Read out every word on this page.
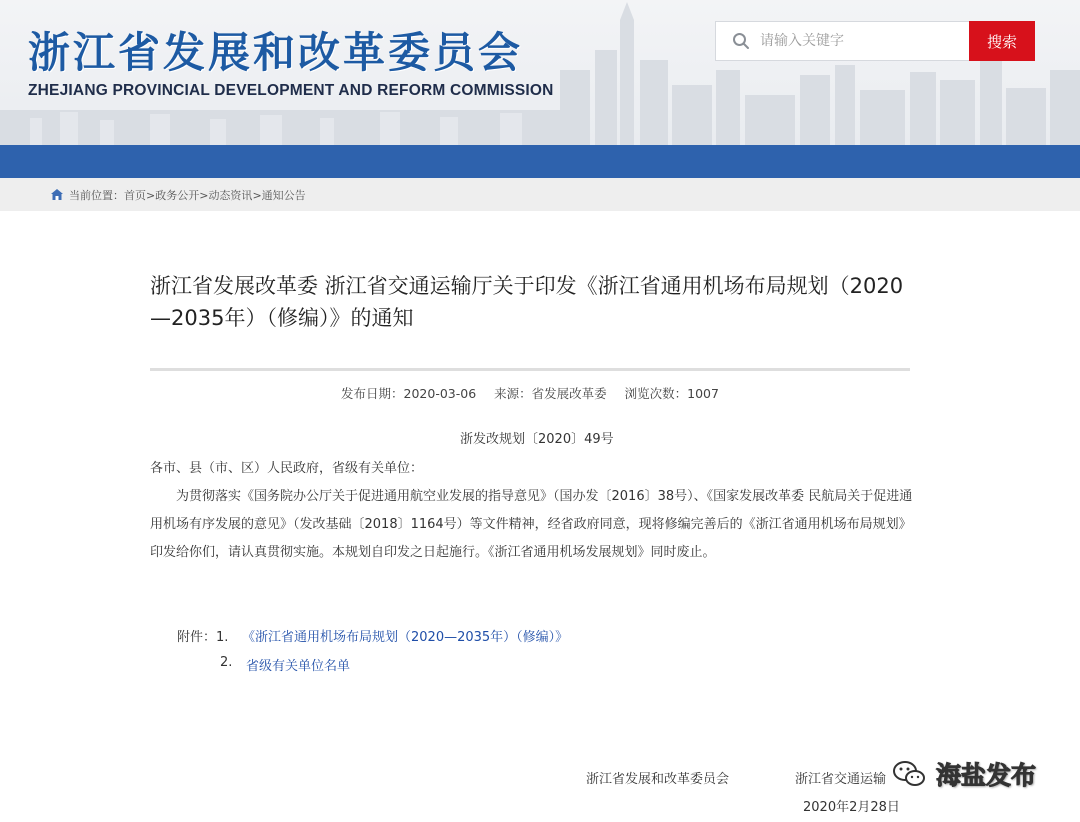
浙江省发展和改革委员会
ZHEJIANG PROVINCIAL DEVELOPMENT AND REFORM COMMISSION
请输入关键字
搜索
当前位置：首页>政务公开>动态资讯>通知公告
浙江省发展改革委 浙江省交通运输厅关于印发《浙江省通用机场布局规划（2020—2035年）（修编）》的通知
发布日期：2020-03-06 来源：省发展改革委 浏览次数：1007
浙发改规划〔2020〕49号
各市、县（市、区）人民政府，省级有关单位：
为贯彻落实《国务院办公厅关于促进通用航空业发展的指导意见》（国办发〔2016〕38号）、《国家发展改革委 民航局关于促进通用机场有序发展的意见》（发改基础〔2018〕1164号）等文件精神，经省政府同意，现将修编完善后的《浙江省通用机场布局规划》印发给你们，请认真贯彻实施。本规划自印发之日起施行。《浙江省通用机场发展规划》同时废止。
附件：1. 《浙江省通用机场布局规划（2020—2035年）（修编）》
2. 省级有关单位名单
浙江省发展和改革委员会	浙江省交通运输
2020年2月28日
海盐发布
